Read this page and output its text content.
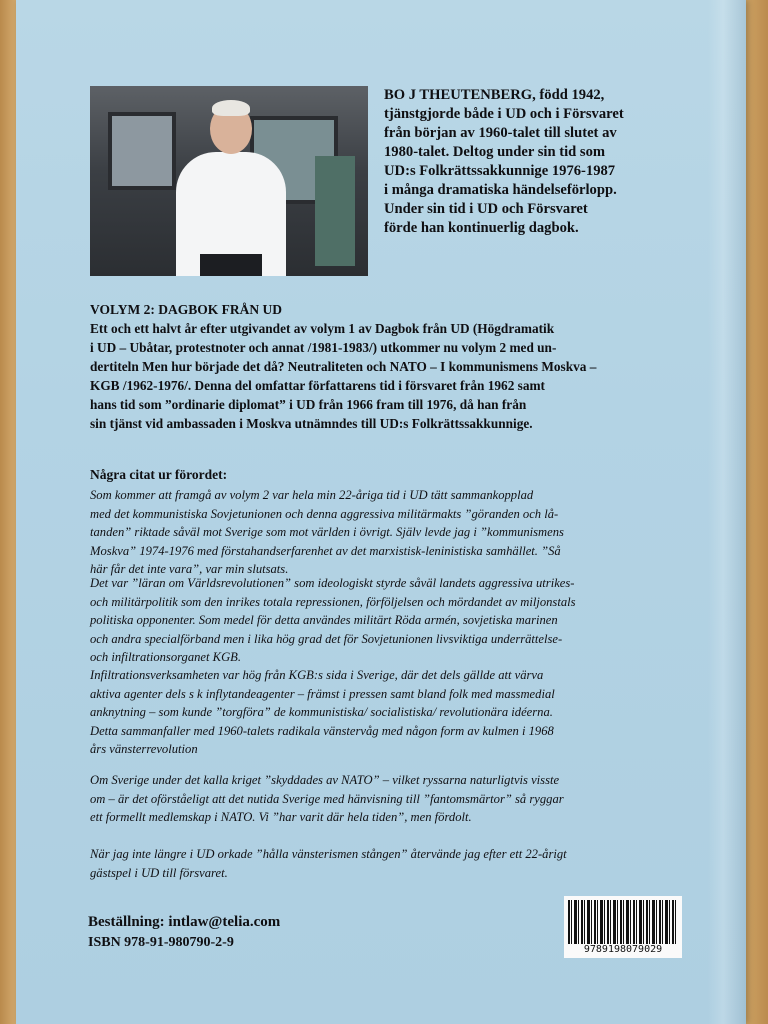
BO J THEUTENBERG, född 1942,
tjänstgjorde både i UD och i Försvaret
från början av 1960-talet till slutet av
1980-talet. Deltog under sin tid som
UD:s Folkrättssakkunnige 1976-1987
i många dramatiska händelseförlopp.
Under sin tid i UD och Försvaret
förde han kontinuerlig dagbok.
VOLYM 2: DAGBOK FRÅN UD
Ett och ett halvt år efter utgivandet av volym 1 av Dagbok från UD (Högdramatik
i UD – Ubåtar, protestnoter och annat /1981-1983/) utkommer nu volym 2 med un-
dertiteln Men hur började det då? Neutraliteten och NATO – I kommunismens Moskva –
KGB /1962-1976/. Denna del omfattar författarens tid i försvaret från 1962 samt
hans tid som ”ordinarie diplomat” i UD från 1966 fram till 1976, då han från
sin tjänst vid ambassaden i Moskva utnämndes till UD:s Folkrättssakkunnige.
Några citat ur förordet:
Som kommer att framgå av volym 2 var hela min 22-åriga tid i UD tätt sammankopplad
med det kommunistiska Sovjetunionen och denna aggressiva militärmakts ”göranden och lå-
tanden” riktade såväl mot Sverige som mot världen i övrigt. Själv levde jag i ”kommunismens
Moskva” 1974-1976 med förstahandserfarenhet av det marxistisk-leninistiska samhället. ”Så
här får det inte vara”, var min slutsats.
Det var ”läran om Världsrevolutionen” som ideologiskt styrde såväl landets aggressiva utrikes-
och militärpolitik som den inrikes totala repressionen, förföljelsen och mördandet av miljonstals
politiska opponenter. Som medel för detta användes militärt Röda armén, sovjetiska marinen
och andra specialförband men i lika hög grad det för Sovjetunionen livsviktiga underrättelse-
och infiltrationsorganet KGB.
Infiltrationsverksamheten var hög från KGB:s sida i Sverige, där det dels gällde att värva
aktiva agenter dels s k inflytandeagenter – främst i pressen samt bland folk med massmedial
anknytning – som kunde ”torgföra” de kommunistiska/ socialistiska/ revolutionära idéerna.
Detta sammanfaller med 1960-talets radikala vänstervåg med någon form av kulmen i 1968
års vänsterrevolution
Om Sverige under det kalla kriget ”skyddades av NATO” – vilket ryssarna naturligtvis visste
om – är det oförståeligt att det nutida Sverige med hänvisning till ”fantomsmärtor” så ryggar
ett formellt medlemskap i NATO. Vi ”har varit där hela tiden”, men fördolt.
När jag inte längre i UD orkade ”hålla vänsterismen stången” återvände jag efter ett 22-årigt
gästspel i UD till försvaret.
Beställning: intlaw@telia.com
ISBN 978-91-980790-2-9	9789198079029
